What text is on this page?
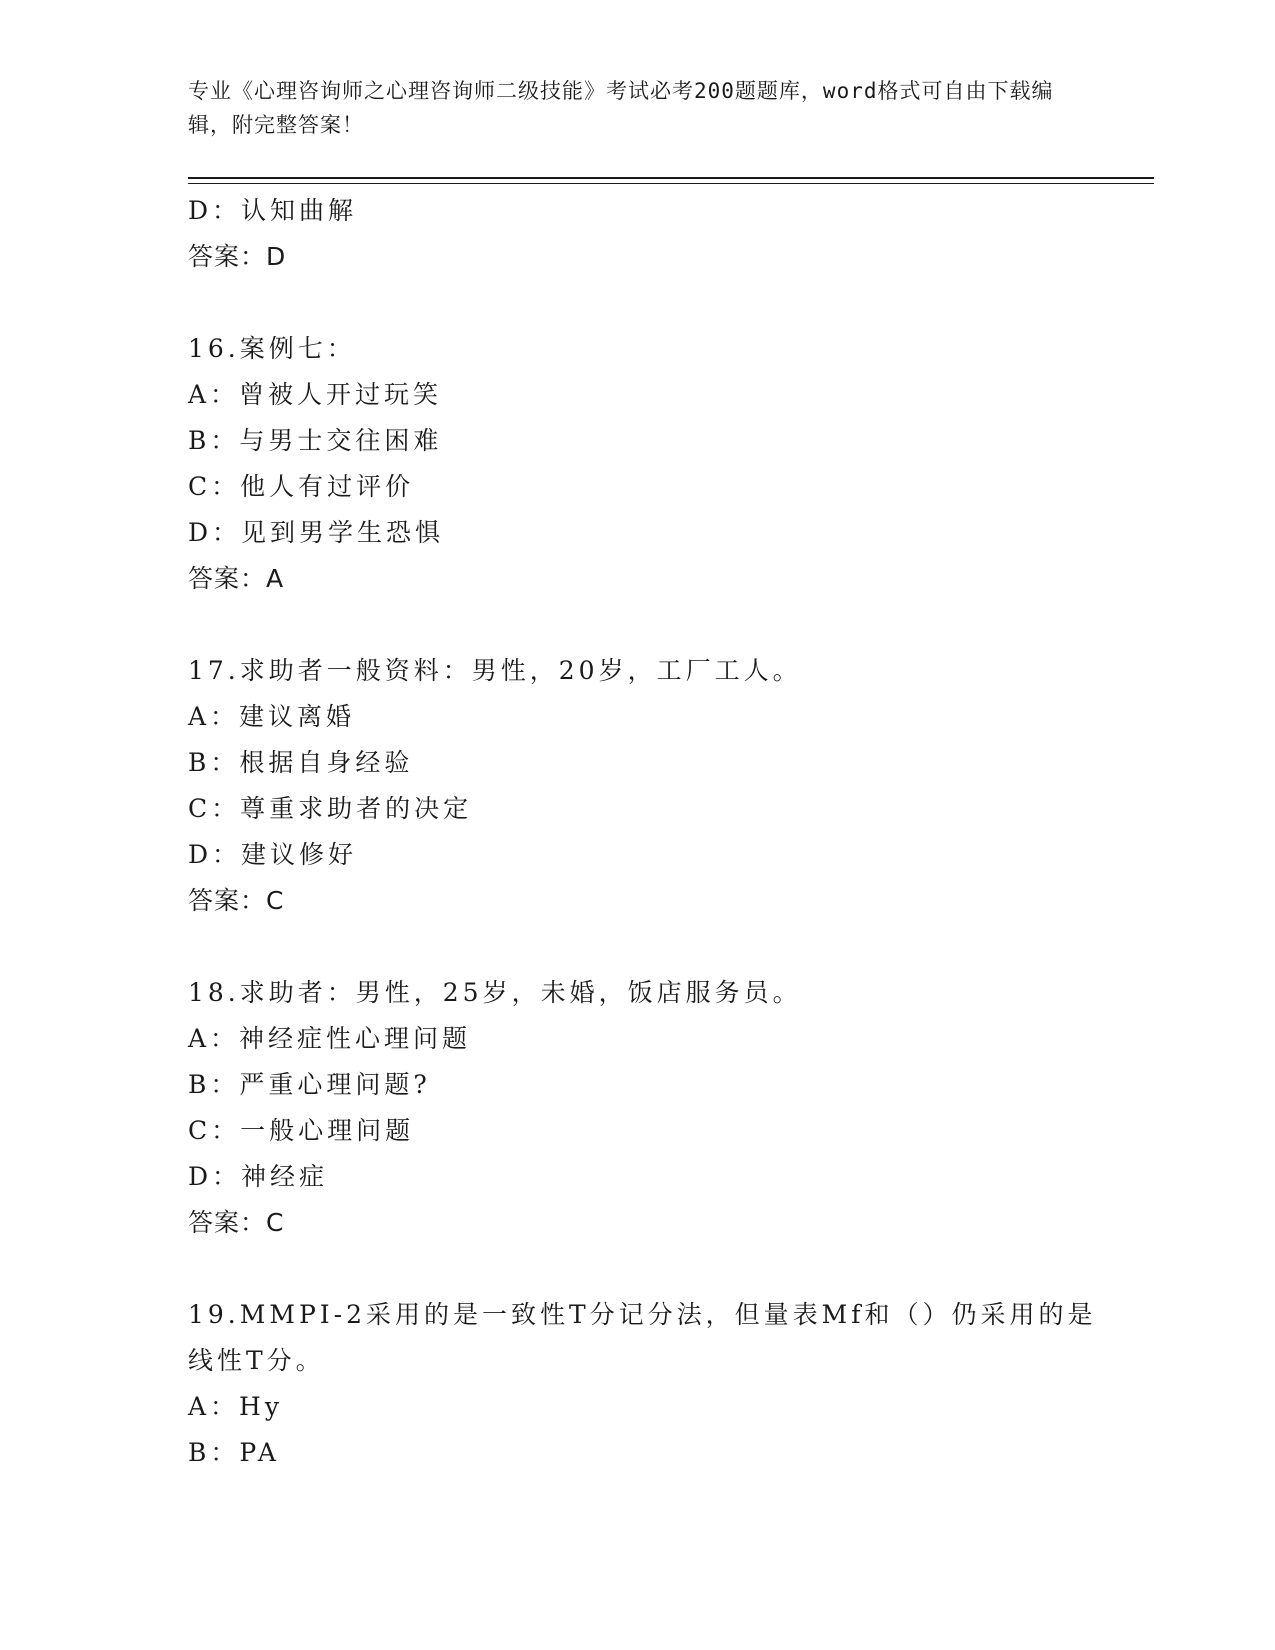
专业《心理咨询师之心理咨询师二级技能》考试必考200题题库，word格式可自由下载编辑，附完整答案！
D：认知曲解
答案：D
16.案例七：
A：曾被人开过玩笑
B：与男士交往困难
C：他人有过评价
D：见到男学生恐惧
答案：A
17.求助者一般资料：男性，20岁，工厂工人。
A：建议离婚
B：根据自身经验
C：尊重求助者的决定
D：建议修好
答案：C
18.求助者：男性，25岁，未婚，饭店服务员。
A：神经症性心理问题
B：严重心理问题?
C：一般心理问题
D：神经症
答案：C
19.MMPI-2采用的是一致性T分记分法，但量表Mf和（）仍采用的是
线性T分。
A：Hy
B：PA
